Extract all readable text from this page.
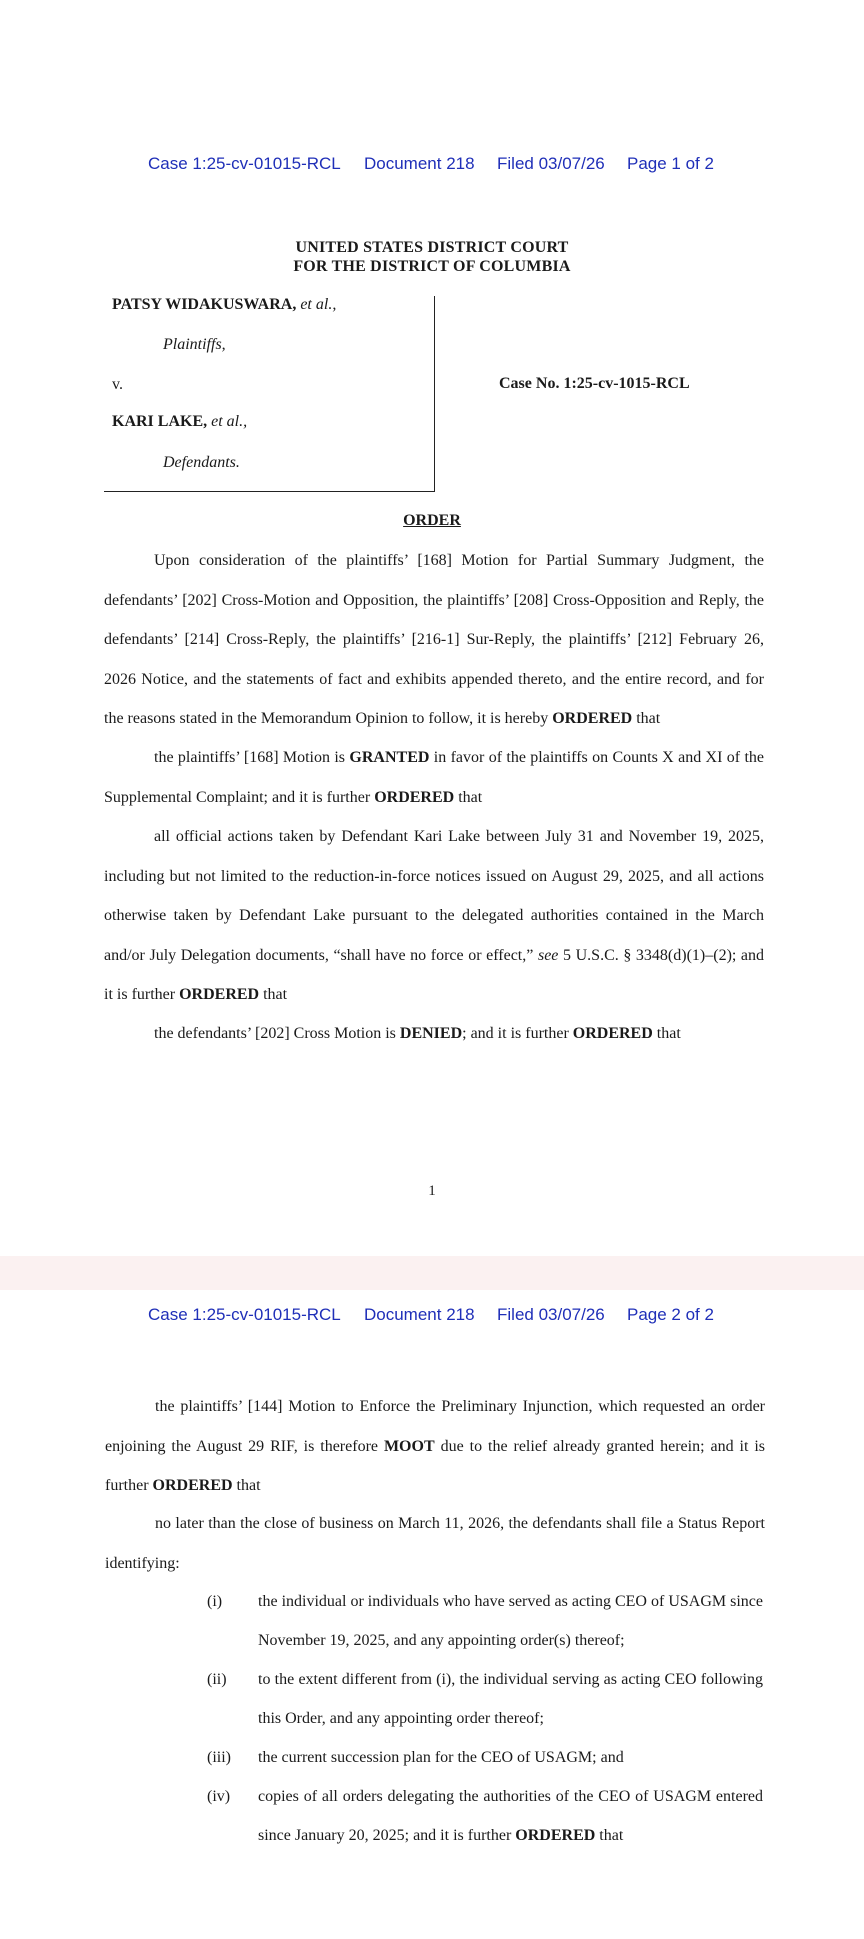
Case 1:25-cv-01015-RCL Document 218 Filed 03/07/26 Page 1 of 2
UNITED STATES DISTRICT COURT
FOR THE DISTRICT OF COLUMBIA
PATSY WIDAKUSWARA, et al.,
Plaintiffs,
v.
KARI LAKE, et al.,
Defendants.
Case No. 1:25-cv-1015-RCL
ORDER

Upon consideration of the plaintiffs’ [168] Motion for Partial Summary Judgment, the defendants’ [202] Cross-Motion and Opposition, the plaintiffs’ [208] Cross-Opposition and Reply, the defendants’ [214] Cross-Reply, the plaintiffs’ [216-1] Sur-Reply, the plaintiffs’ [212] February 26, 2026 Notice, and the statements of fact and exhibits appended thereto, and the entire record, and for the reasons stated in the Memorandum Opinion to follow, it is hereby ORDERED that

the plaintiffs’ [168] Motion is GRANTED in favor of the plaintiffs on Counts X and XI of the Supplemental Complaint; and it is further ORDERED that

all official actions taken by Defendant Kari Lake between July 31 and November 19, 2025, including but not limited to the reduction-in-force notices issued on August 29, 2025, and all actions otherwise taken by Defendant Lake pursuant to the delegated authorities contained in the March and/or July Delegation documents, “shall have no force or effect,” see 5 U.S.C. § 3348(d)(1)–(2); and it is further ORDERED that

the defendants’ [202] Cross Motion is DENIED; and it is further ORDERED that

1
Case 1:25-cv-01015-RCL Document 218 Filed 03/07/26 Page 2 of 2

the plaintiffs’ [144] Motion to Enforce the Preliminary Injunction, which requested an order enjoining the August 29 RIF, is therefore MOOT due to the relief already granted herein; and it is further ORDERED that

no later than the close of business on March 11, 2026, the defendants shall file a Status Report identifying:

(i) the individual or individuals who have served as acting CEO of USAGM since November 19, 2025, and any appointing order(s) thereof;
(ii) to the extent different from (i), the individual serving as acting CEO following this Order, and any appointing order thereof;
(iii) the current succession plan for the CEO of USAGM; and
(iv) copies of all orders delegating the authorities of the CEO of USAGM entered since January 20, 2025; and it is further ORDERED that
